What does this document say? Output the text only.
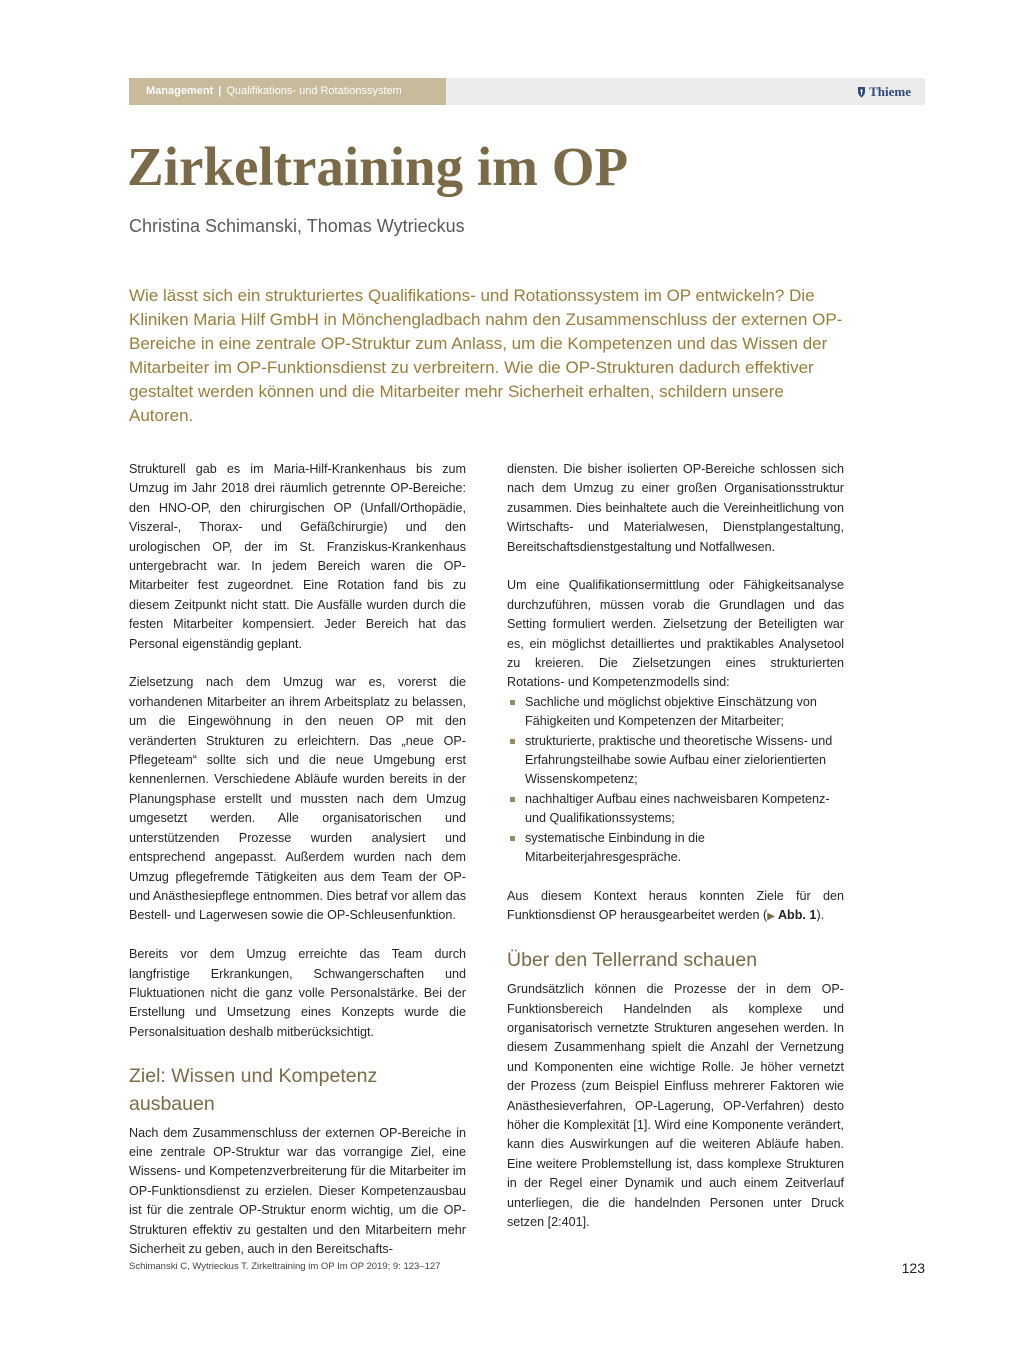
Management | Qualifikations- und Rotationssystem	Thieme
Zirkeltraining im OP
Christina Schimanski, Thomas Wytrieckus

Wie lässt sich ein strukturiertes Qualifikations- und Rotationssystem im OP entwickeln? Die Kliniken Maria Hilf GmbH in Mönchengladbach nahm den Zusammenschluss der externen OP-Bereiche in eine zentrale OP-Struktur zum Anlass, um die Kompetenzen und das Wissen der Mitarbeiter im OP-Funktionsdienst zu verbreitern. Wie die OP-Strukturen dadurch effektiver gestaltet werden können und die Mitarbeiter mehr Sicherheit erhalten, schildern unsere Autoren.

Strukturell gab es im Maria-Hilf-Krankenhaus bis zum Umzug im Jahr 2018 drei räumlich getrennte OP-Bereiche: den HNO-OP, den chirurgischen OP (Unfall/Orthopädie, Viszeral-, Thorax- und Gefäßchirurgie) und den urologischen OP, der im St. Franziskus-Krankenhaus untergebracht war. In jedem Bereich waren die OP-Mitarbeiter fest zugeordnet. Eine Rotation fand bis zu diesem Zeitpunkt nicht statt. Die Ausfälle wurden durch die festen Mitarbeiter kompensiert. Jeder Bereich hat das Personal eigenständig geplant.

Zielsetzung nach dem Umzug war es, vorerst die vorhandenen Mitarbeiter an ihrem Arbeitsplatz zu belassen, um die Eingewöhnung in den neuen OP mit den veränderten Strukturen zu erleichtern. Das „neue OP-Pflegeteam“ sollte sich und die neue Umgebung erst kennenlernen. Verschiedene Abläufe wurden bereits in der Planungsphase erstellt und mussten nach dem Umzug umgesetzt werden. Alle organisatorischen und unterstützenden Prozesse wurden analysiert und entsprechend angepasst. Außerdem wurden nach dem Umzug pflegefremde Tätigkeiten aus dem Team der OP- und Anästhesiepflege entnommen. Dies betraf vor allem das Bestell- und Lagerwesen sowie die OP-Schleusenfunktion.

Bereits vor dem Umzug erreichte das Team durch langfristige Erkrankungen, Schwangerschaften und Fluktuationen nicht die ganz volle Personalstärke. Bei der Erstellung und Umsetzung eines Konzepts wurde die Personalsituation deshalb mitberücksichtigt.

Ziel: Wissen und Kompetenz ausbauen

Nach dem Zusammenschluss der externen OP-Bereiche in eine zentrale OP-Struktur war das vorrangige Ziel, eine Wissens- und Kompetenzverbreiterung für die Mitarbeiter im OP-Funktionsdienst zu erzielen. Dieser Kompetenzausbau ist für die zentrale OP-Struktur enorm wichtig, um die OP-Strukturen effektiv zu gestalten und den Mitarbeitern mehr Sicherheit zu geben, auch in den Bereitschafts-

diensten. Die bisher isolierten OP-Bereiche schlossen sich nach dem Umzug zu einer großen Organisationsstruktur zusammen. Dies beinhaltete auch die Vereinheitlichung von Wirtschafts- und Materialwesen, Dienstplangestaltung, Bereitschaftsdienstgestaltung und Notfallwesen.

Um eine Qualifikationsermittlung oder Fähigkeitsanalyse durchzuführen, müssen vorab die Grundlagen und das Setting formuliert werden. Zielsetzung der Beteiligten war es, ein möglichst detailliertes und praktikables Analysetool zu kreieren. Die Zielsetzungen eines strukturierten Rotations- und Kompetenzmodells sind:

Sachliche und möglichst objektive Einschätzung von Fähigkeiten und Kompetenzen der Mitarbeiter;
strukturierte, praktische und theoretische Wissens- und Erfahrungsteilhabe sowie Aufbau einer zielorientierten Wissenskompetenz;
nachhaltiger Aufbau eines nachweisbaren Kompetenz- und Qualifikationssystems;
systematische Einbindung in die Mitarbeiterjahresgespräche.

Aus diesem Kontext heraus konnten Ziele für den Funktionsdienst OP herausgearbeitet werden (▶ Abb. 1).

Über den Tellerrand schauen

Grundsätzlich können die Prozesse der in dem OP-Funktionsbereich Handelnden als komplexe und organisatorisch vernetzte Strukturen angesehen werden. In diesem Zusammenhang spielt die Anzahl der Vernetzung und Komponenten eine wichtige Rolle. Je höher vernetzt der Prozess (zum Beispiel Einfluss mehrerer Faktoren wie Anästhesieverfahren, OP-Lagerung, OP-Verfahren) desto höher die Komplexität [1]. Wird eine Komponente verändert, kann dies Auswirkungen auf die weiteren Abläufe haben. Eine weitere Problemstellung ist, dass komplexe Strukturen in der Regel einer Dynamik und auch einem Zeitverlauf unterliegen, die die handelnden Personen unter Druck setzen [2:401].

Schimanski C, Wytrieckus T. Zirkeltraining im OP Im OP 2019; 9: 123–127	123
